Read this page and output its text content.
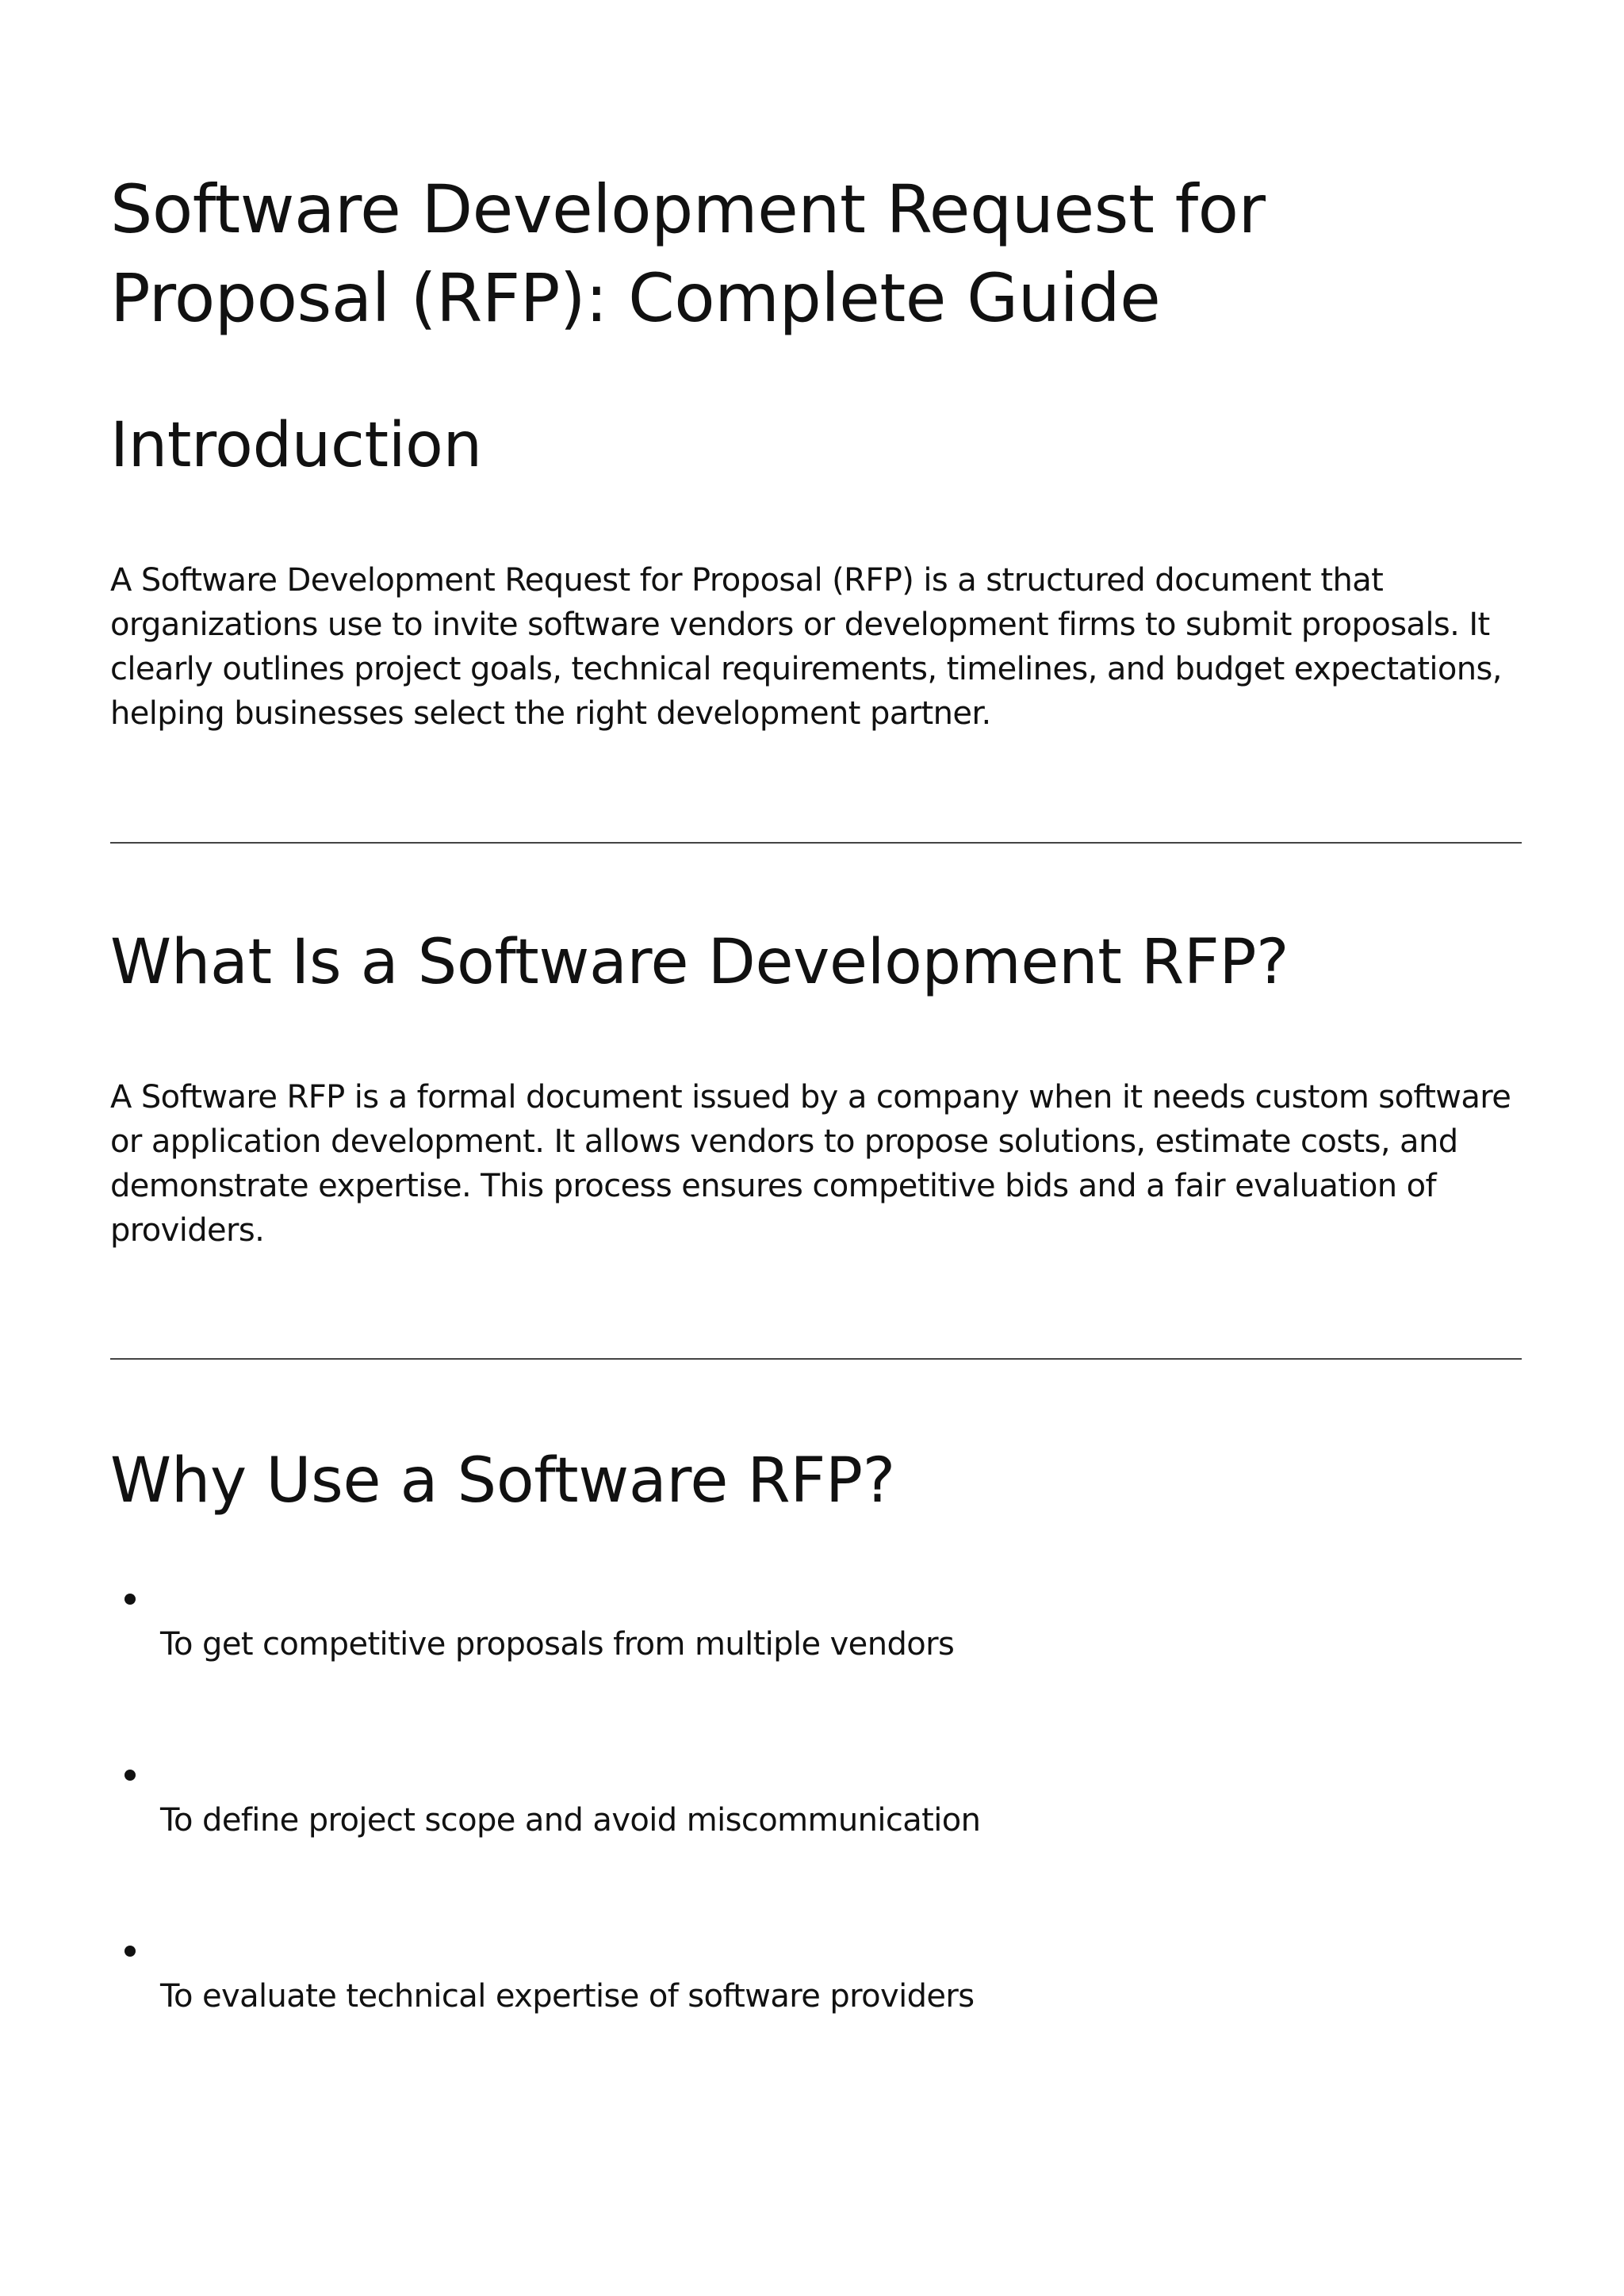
Software Development Request for Proposal (RFP): Complete Guide
Introduction

A Software Development Request for Proposal (RFP) is a structured document that organizations use to invite software vendors or development firms to submit proposals. It clearly outlines project goals, technical requirements, timelines, and budget expectations, helping businesses select the right development partner.

What Is a Software Development RFP?

A Software RFP is a formal document issued by a company when it needs custom software or application development. It allows vendors to propose solutions, estimate costs, and demonstrate expertise. This process ensures competitive bids and a fair evaluation of providers.

Why Use a Software RFP?
To get competitive proposals from multiple vendors
To define project scope and avoid miscommunication
To evaluate technical expertise of software providers
